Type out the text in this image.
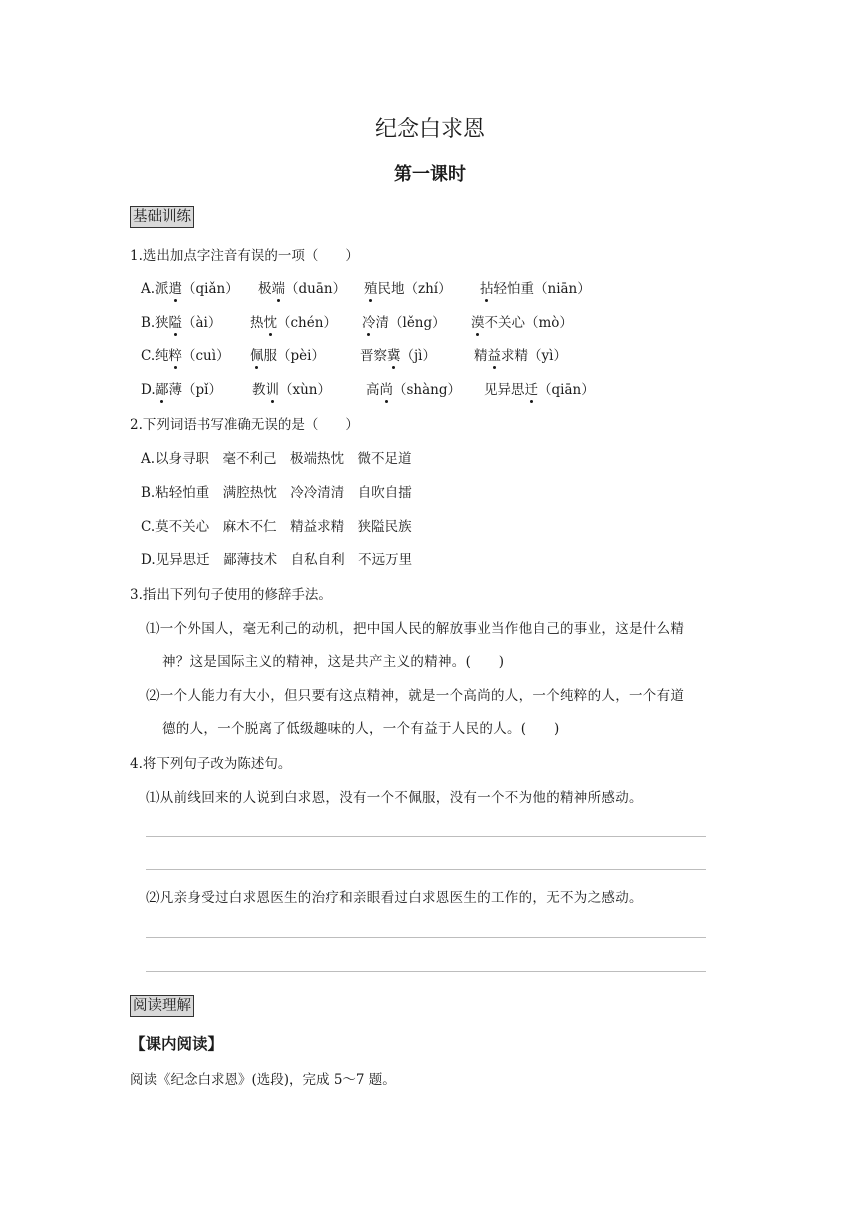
纪念白求恩
第一课时
基础训练
1.选出加点字注音有误的一项（　　）
A. 派遣（qiǎn） 极端（duān） 殖民地（zhí） 拈轻怕重（niān）
B. 狭隘（ài） 热忱（chén） 冷清（lěng） 漠不关心（mò）
C. 纯粹（cuì） 佩服（pèi）	晋察冀（jì）	精益求精（yì）
D. 鄙薄（pǐ） 教训（xùn）	高尚（shàng） 见异思迁（qiān）
2.下列词语书写准确无误的是（　　）
A.以身寻职　毫不利己　极端热忱　微不足道
B.粘轻怕重　满腔热忱　冷冷清清　自吹自擂
C.莫不关心　麻木不仁　精益求精　狭隘民族
D.见异思迁　鄙薄技术　自私自利　不远万里
3.指出下列句子使用的修辞手法。
⑴一个外国人，毫无利己的动机，把中国人民的解放事业当作他自己的事业，这是什么精
神？这是国际主义的精神，这是共产主义的精神。(　　)
⑵一个人能力有大小，但只要有这点精神，就是一个高尚的人，一个纯粹的人，一个有道
德的人，一个脱离了低级趣味的人，一个有益于人民的人。(　　)
4.将下列句子改为陈述句。
⑴从前线回来的人说到白求恩，没有一个不佩服，没有一个不为他的精神所感动。
⑵凡亲身受过白求恩医生的治疗和亲眼看过白求恩医生的工作的，无不为之感动。
阅读理解
【课内阅读】
阅读《纪念白求恩》(选段)，完成 5～7 题。
